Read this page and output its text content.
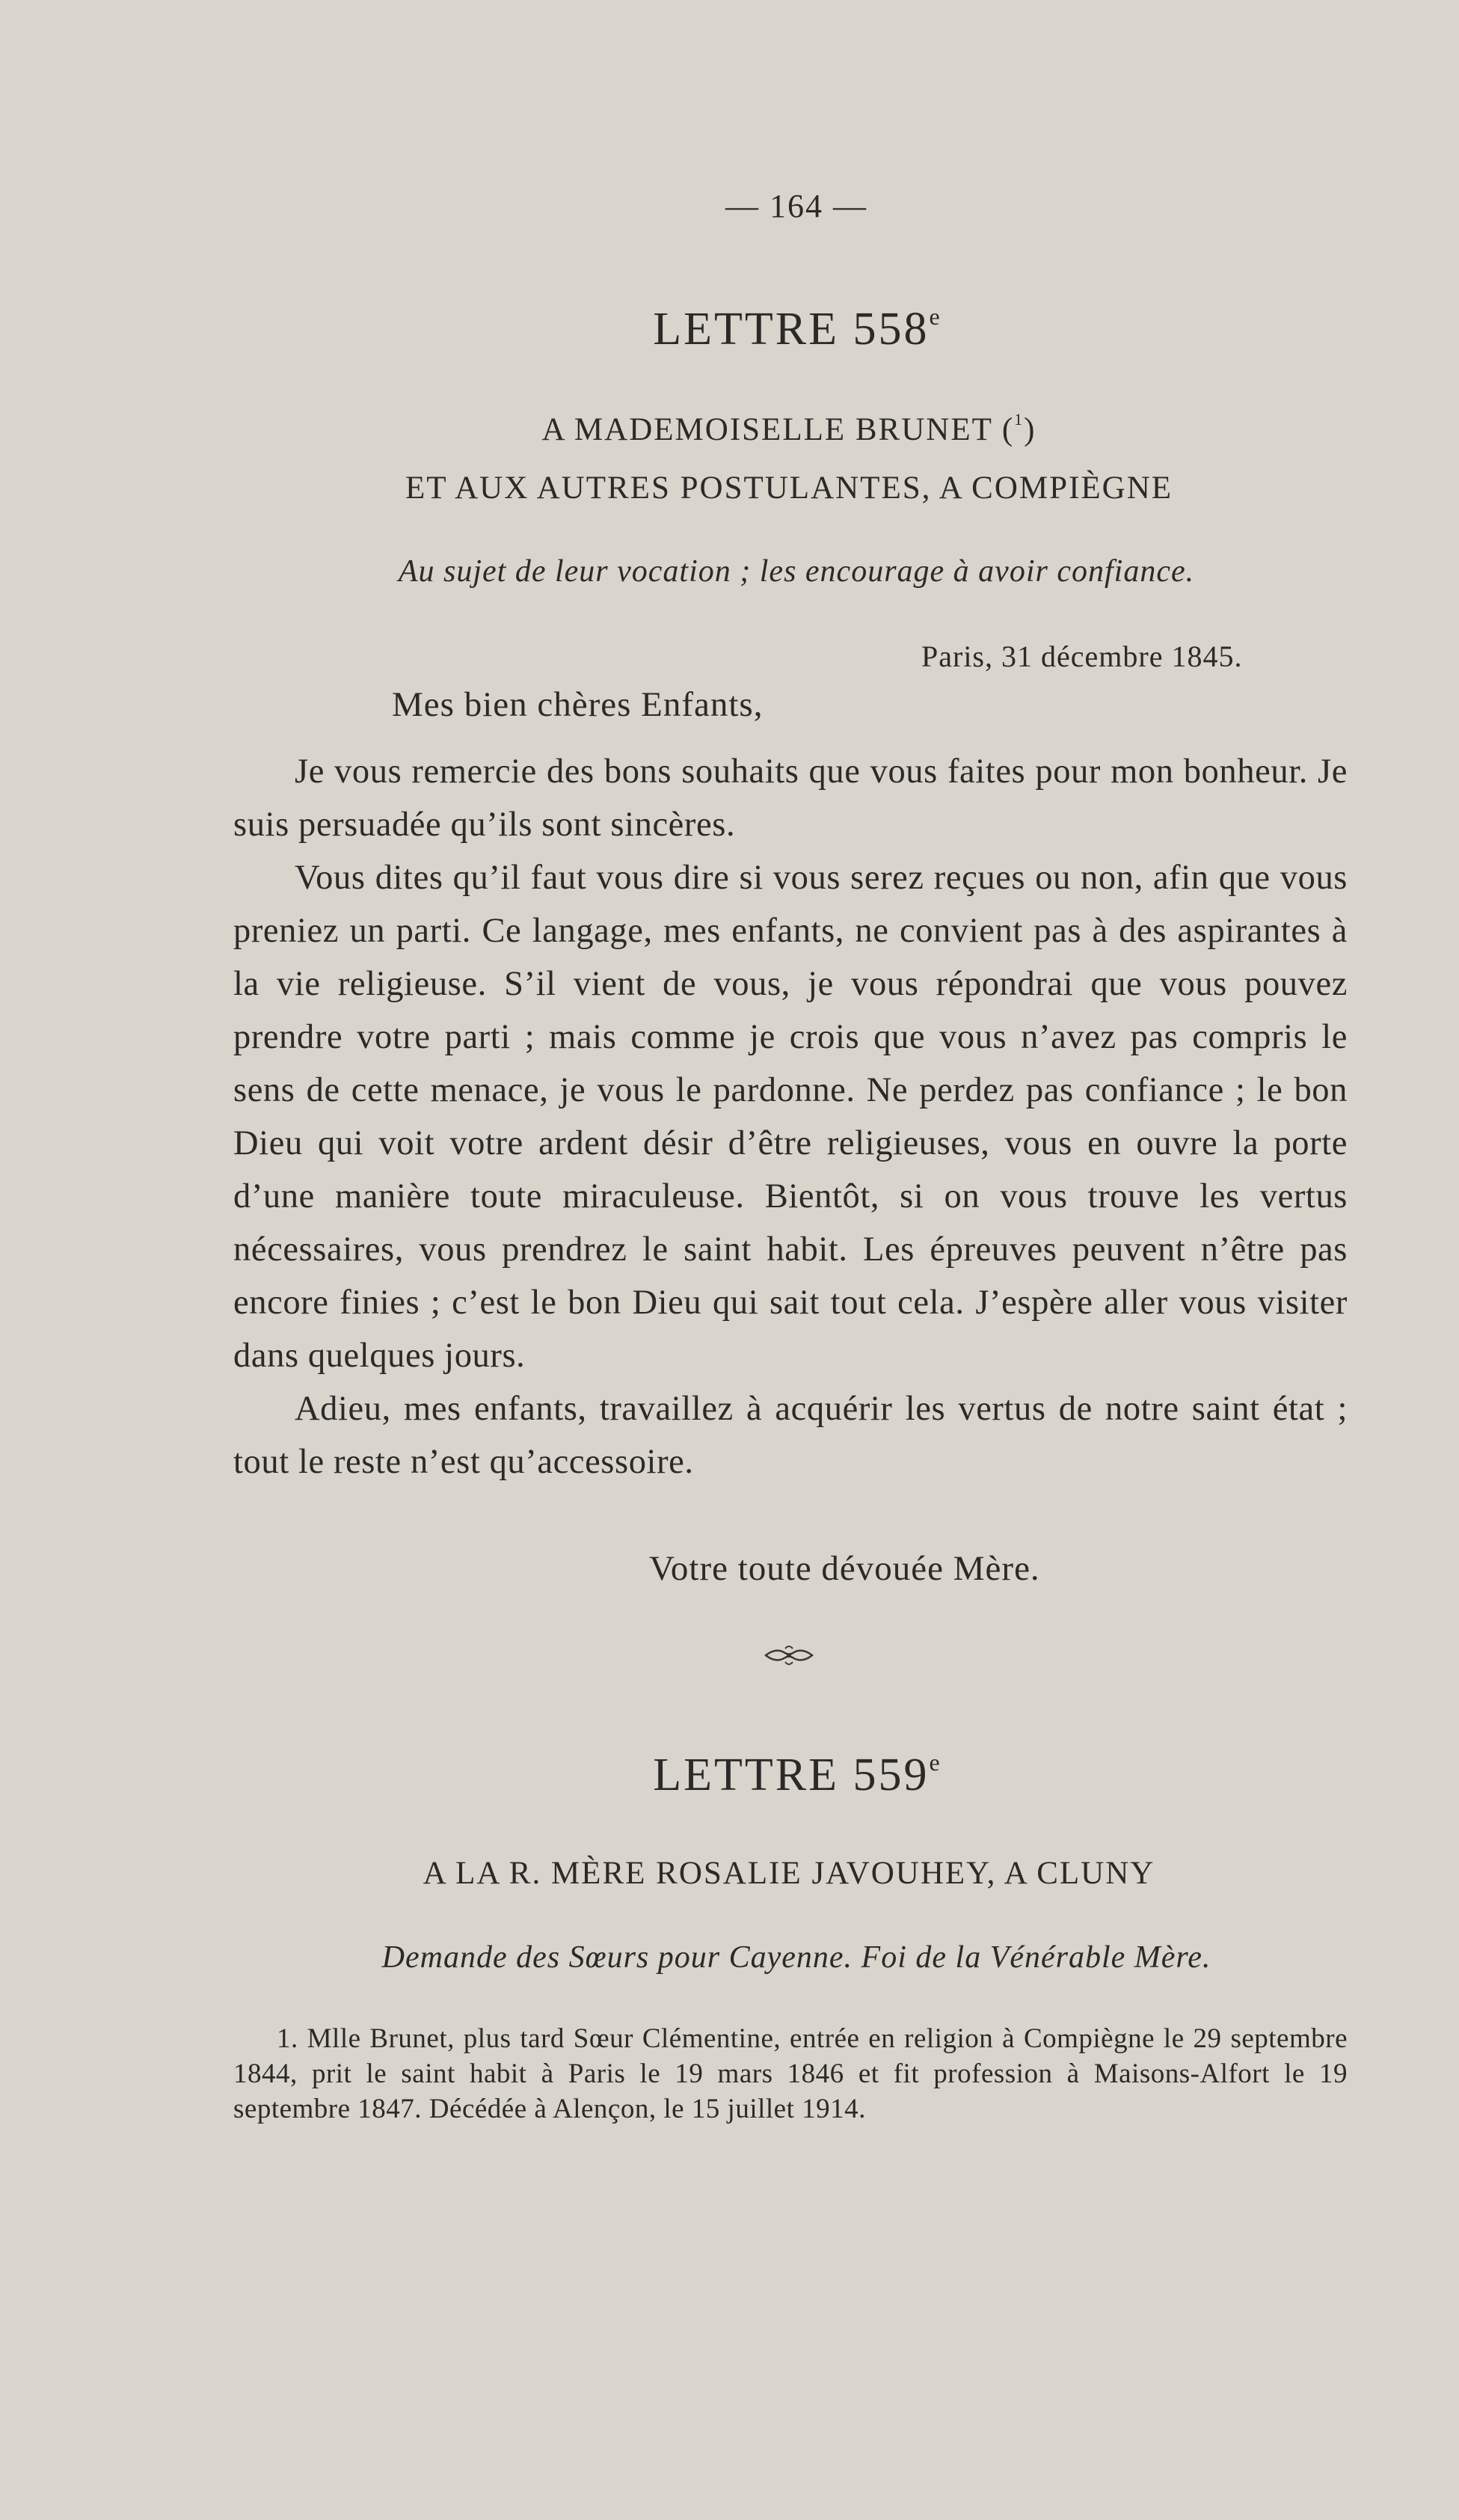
— 164 —
LETTRE 558e
A MADEMOISELLE BRUNET ($^1$)
ET AUX AUTRES POSTULANTES, A COMPIÈGNE
Au sujet de leur vocation ; les encourage à avoir confiance.
Paris, 31 décembre 1845.
Mes bien chères Enfants,

Je vous remercie des bons souhaits que vous faites pour mon bonheur. Je suis persuadée qu’ils sont sincères.

Vous dites qu’il faut vous dire si vous serez reçues ou non, afin que vous preniez un parti. Ce langage, mes enfants, ne convient pas à des aspirantes à la vie religieuse. S’il vient de vous, je vous répondrai que vous pouvez prendre votre parti ; mais comme je crois que vous n’avez pas compris le sens de cette menace, je vous le pardonne. Ne perdez pas confiance ; le bon Dieu qui voit votre ardent désir d’être religieuses, vous en ouvre la porte d’une manière toute miraculeuse. Bientôt, si on vous trouve les vertus nécessaires, vous prendrez le saint habit. Les épreuves peuvent n’être pas encore finies ; c’est le bon Dieu qui sait tout cela. J’espère aller vous visiter dans quelques jours.

Adieu, mes enfants, travaillez à acquérir les vertus de notre saint état ; tout le reste n’est qu’accessoire.

Votre toute dévouée Mère.
LETTRE 559e
A LA R. MÈRE ROSALIE JAVOUHEY, A CLUNY
Demande des Sœurs pour Cayenne. Foi de la Vénérable Mère.
1. Mlle Brunet, plus tard Sœur Clémentine, entrée en religion à Compiègne le 29 septembre 1844, prit le saint habit à Paris le 19 mars 1846 et fit profession à Maisons-Alfort le 19 septembre 1847. Décédée à Alençon, le 15 juillet 1914.
